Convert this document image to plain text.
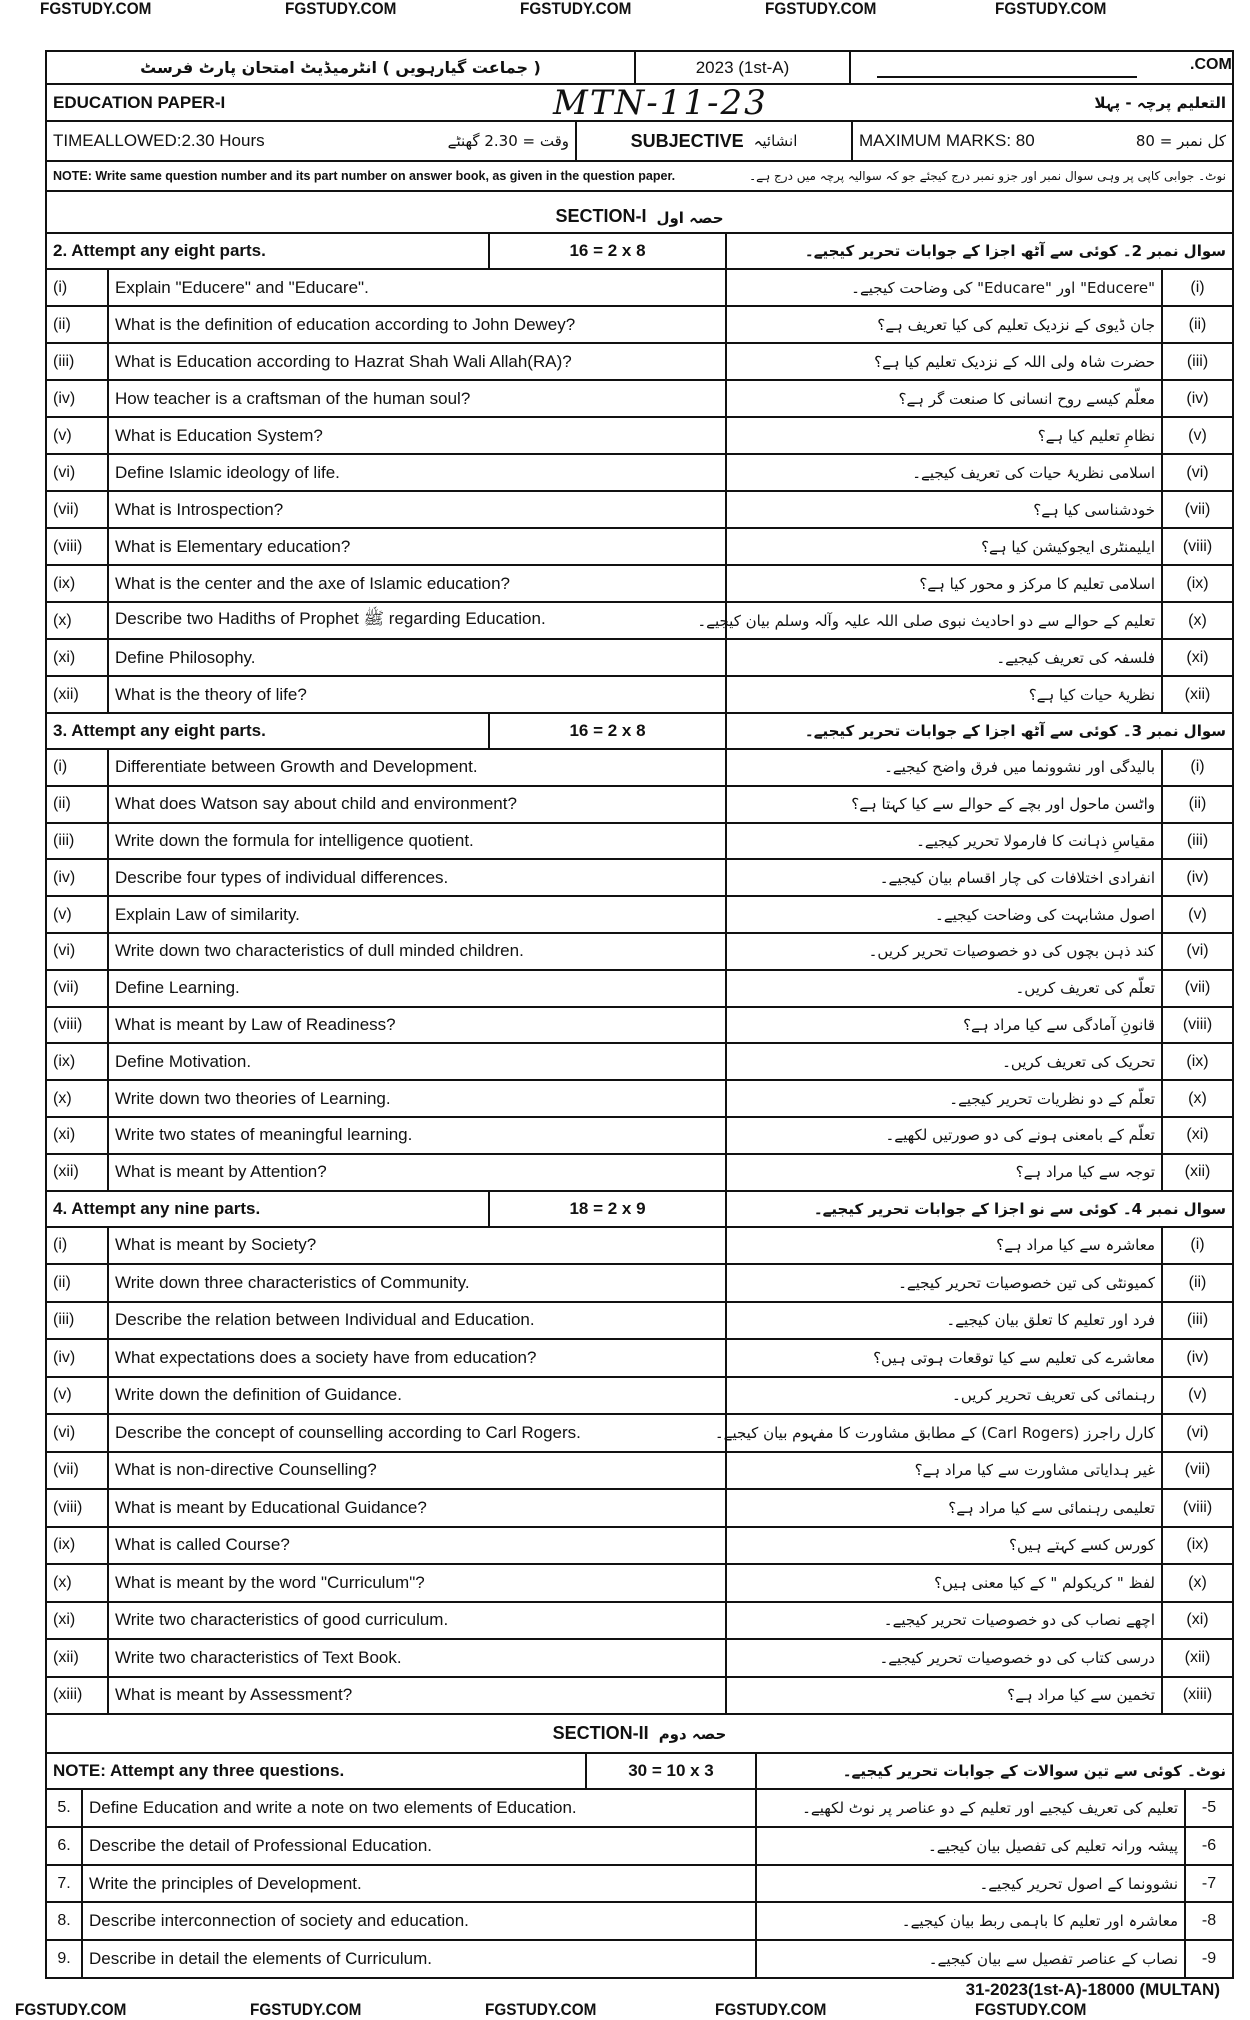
FGSTUDY.COM	FGSTUDY.COM	FGSTUDY.COM	FGSTUDY.COM	FGSTUDY.COM
( جماعت گیارہویں ) انٹرمیڈیٹ امتحان پارٹ فرسٹ	2023 (1st-A)
EDUCATION PAPER-I	MTN-11-23	التعلیم پرچہ - پہلا
TIMEALLOWED:2.30 Hours	وقت = 2.30 گھنٹے	SUBJECTIVE انشائیہ	MAXIMUM MARKS: 80	کل نمبر = 80
NOTE: Write same question number and its part number on answer book, as given in the question paper.	نوٹ۔ جوابی کاپی پر وہی سوال نمبر اور جزو نمبر درج کیجئے جو کہ سوالیہ پرچہ میں درج ہے۔
SECTION-I حصہ اول
2. Attempt any eight parts.	16 = 2 x 8	سوال نمبر 2۔ کوئی سے آٹھ اجزا کے جوابات تحریر کیجیے۔
(i)	Explain "Educere" and "Educare".	"Educere" اور "Educare" کی وضاحت کیجیے۔	(i)
(ii)	What is the definition of education according to John Dewey?	جان ڈیوی کے نزدیک تعلیم کی کیا تعریف ہے؟	(ii)
(iii)	What is Education according to Hazrat Shah Wali Allah(RA)?	حضرت شاہ ولی اللہ کے نزدیک تعلیم کیا ہے؟	(iii)
(iv)	How teacher is a craftsman of the human soul?	معلّم کیسے روح انسانی کا صنعت گر ہے؟	(iv)
(v)	What is Education System?	نظامِ تعلیم کیا ہے؟	(v)
(vi)	Define Islamic ideology of life.	اسلامی نظریۂ حیات کی تعریف کیجیے۔	(vi)
(vii)	What is Introspection?	خودشناسی کیا ہے؟	(vii)
(viii)	What is Elementary education?	ایلیمنٹری ایجوکیشن کیا ہے؟	(viii)
(ix)	What is the center and the axe of Islamic education?	اسلامی تعلیم کا مرکز و محور کیا ہے؟	(ix)
(x)	Describe two Hadiths of Prophet ﷺ regarding Education.	تعلیم کے حوالے سے دو احادیث نبوی صلی اللہ علیہ وآلہ وسلم بیان کیجیے۔	(x)
(xi)	Define Philosophy.	فلسفہ کی تعریف کیجیے۔	(xi)
(xii)	What is the theory of life?	نظریۂ حیات کیا ہے؟	(xii)
3. Attempt any eight parts.	16 = 2 x 8	سوال نمبر 3۔ کوئی سے آٹھ اجزا کے جوابات تحریر کیجیے۔
(i)	Differentiate between Growth and Development.	بالیدگی اور نشوونما میں فرق واضح کیجیے۔	(i)
(ii)	What does Watson say about child and environment?	واٹسن ماحول اور بچے کے حوالے سے کیا کہتا ہے؟	(ii)
(iii)	Write down the formula for intelligence quotient.	مقیاسِ ذہانت کا فارمولا تحریر کیجیے۔	(iii)
(iv)	Describe four types of individual differences.	انفرادی اختلافات کی چار اقسام بیان کیجیے۔	(iv)
(v)	Explain Law of similarity.	اصول مشابہت کی وضاحت کیجیے۔	(v)
(vi)	Write down two characteristics of dull minded children.	کند ذہن بچوں کی دو خصوصیات تحریر کریں۔	(vi)
(vii)	Define Learning.	تعلّم کی تعریف کریں۔	(vii)
(viii)	What is meant by Law of Readiness?	قانونِ آمادگی سے کیا مراد ہے؟	(viii)
(ix)	Define Motivation.	تحریک کی تعریف کریں۔	(ix)
(x)	Write down two theories of Learning.	تعلّم کے دو نظریات تحریر کیجیے۔	(x)
(xi)	Write two states of meaningful learning.	تعلّم کے بامعنی ہونے کی دو صورتیں لکھیے۔	(xi)
(xii)	What is meant by Attention?	توجہ سے کیا مراد ہے؟	(xii)
4. Attempt any nine parts.	18 = 2 x 9	سوال نمبر 4۔ کوئی سے نو اجزا کے جوابات تحریر کیجیے۔
(i)	What is meant by Society?	معاشرہ سے کیا مراد ہے؟	(i)
(ii)	Write down three characteristics of Community.	کمیونٹی کی تین خصوصیات تحریر کیجیے۔	(ii)
(iii)	Describe the relation between Individual and Education.	فرد اور تعلیم کا تعلق بیان کیجیے۔	(iii)
(iv)	What expectations does a society have from education?	معاشرے کی تعلیم سے کیا توقعات ہوتی ہیں؟	(iv)
(v)	Write down the definition of Guidance.	رہنمائی کی تعریف تحریر کریں۔	(v)
(vi)	Describe the concept of counselling according to Carl Rogers.	کارل راجرز (Carl Rogers) کے مطابق مشاورت کا مفہوم بیان کیجیے۔	(vi)
(vii)	What is non-directive Counselling?	غیر ہدایاتی مشاورت سے کیا مراد ہے؟	(vii)
(viii)	What is meant by Educational Guidance?	تعلیمی رہنمائی سے کیا مراد ہے؟	(viii)
(ix)	What is called Course?	کورس کسے کہتے ہیں؟	(ix)
(x)	What is meant by the word "Curriculum"?	لفظ " کریکولم " کے کیا معنی ہیں؟	(x)
(xi)	Write two characteristics of good curriculum.	اچھے نصاب کی دو خصوصیات تحریر کیجیے۔	(xi)
(xii)	Write two characteristics of Text Book.	درسی کتاب کی دو خصوصیات تحریر کیجیے۔	(xii)
(xiii)	What is meant by Assessment?	تخمین سے کیا مراد ہے؟	(xiii)
SECTION-II حصہ دوم
NOTE: Attempt any three questions.	30 = 10 x 3	نوٹ۔ کوئی سے تین سوالات کے جوابات تحریر کیجیے۔
5.	Define Education and write a note on two elements of Education.	تعلیم کی تعریف کیجیے اور تعلیم کے دو عناصر پر نوٹ لکھیے۔	-5
6.	Describe the detail of Professional Education.	پیشہ ورانہ تعلیم کی تفصیل بیان کیجیے۔	-6
7.	Write the principles of Development.	نشوونما کے اصول تحریر کیجیے۔	-7
8.	Describe interconnection of society and education.	معاشرہ اور تعلیم کا باہمی ربط بیان کیجیے۔	-8
9.	Describe in detail the elements of Curriculum.	نصاب کے عناصر تفصیل سے بیان کیجیے۔	-9
.COM
31-2023(1st-A)-18000 (MULTAN)
FGSTUDY.COM	FGSTUDY.COM	FGSTUDY.COM	FGSTUDY.COM	FGSTUDY.COM
